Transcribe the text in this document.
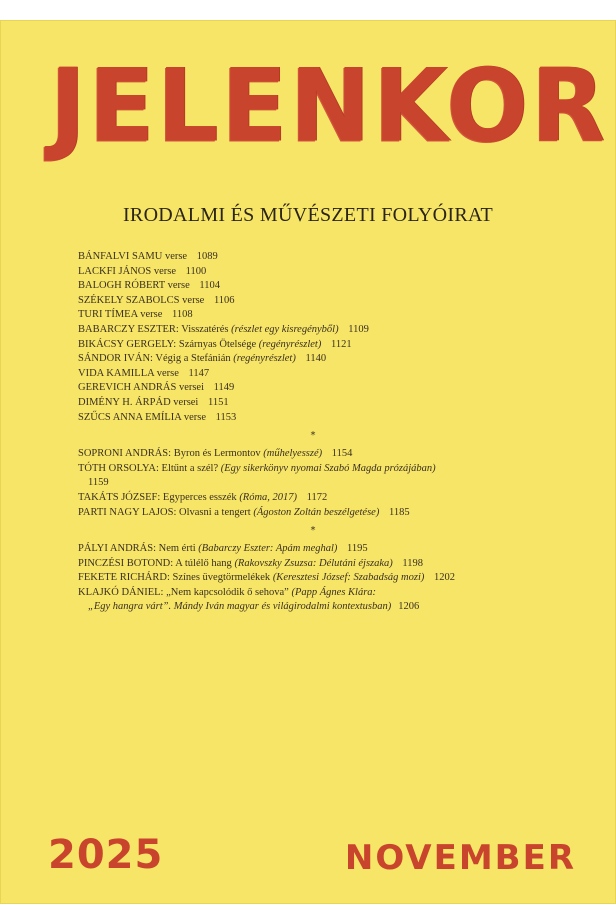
JELENKOR
IRODALMI ÉS MŰVÉSZETI FOLYÓIRAT
BÁNFALVI SAMU verse 1089
LACKFI JÁNOS verse 1100
BALOGH RÓBERT verse 1104
SZÉKELY SZABOLCS verse 1106
TURI TÍMEA verse 1108
BABARCZY ESZTER: Visszatérés (részlet egy kisregényből) 1109
BIKÁCSY GERGELY: Szárnyas Ötelsége (regényrészlet) 1121
SÁNDOR IVÁN: Végig a Stefánián (regényrészlet) 1140
VIDA KAMILLA verse 1147
GEREVICH ANDRÁS versei 1149
DIMÉNY H. ÁRPÁD versei 1151
SZŰCS ANNA EMÍLIA verse 1153
*
SOPRONI ANDRÁS: Byron és Lermontov (műhelyesszé) 1154
TÓTH ORSOLYA: Eltűnt a szél? (Egy sikerkönyv nyomai Szabó Magda prózájában)
1159
TAKÁTS JÓZSEF: Egyperces esszék (Róma, 2017) 1172
PARTI NAGY LAJOS: Olvasni a tengert (Ágoston Zoltán beszélgetése) 1185
*
PÁLYI ANDRÁS: Nem érti (Babarczy Eszter: Apám meghal) 1195
PINCZÉSI BOTOND: A túlélő hang (Rakovszky Zsuzsa: Délutáni éjszaka) 1198
FEKETE RICHÁRD: Színes üvegtörmelékek (Keresztesi József: Szabadság mozi) 1202
KLAJKÓ DÁNIEL: „Nem kapcsolódik ő sehova” (Papp Ágnes Klára:
„Egy hangra várt”. Mándy Iván magyar és világirodalmi kontextusban) 1206
2025	NOVEMBER
